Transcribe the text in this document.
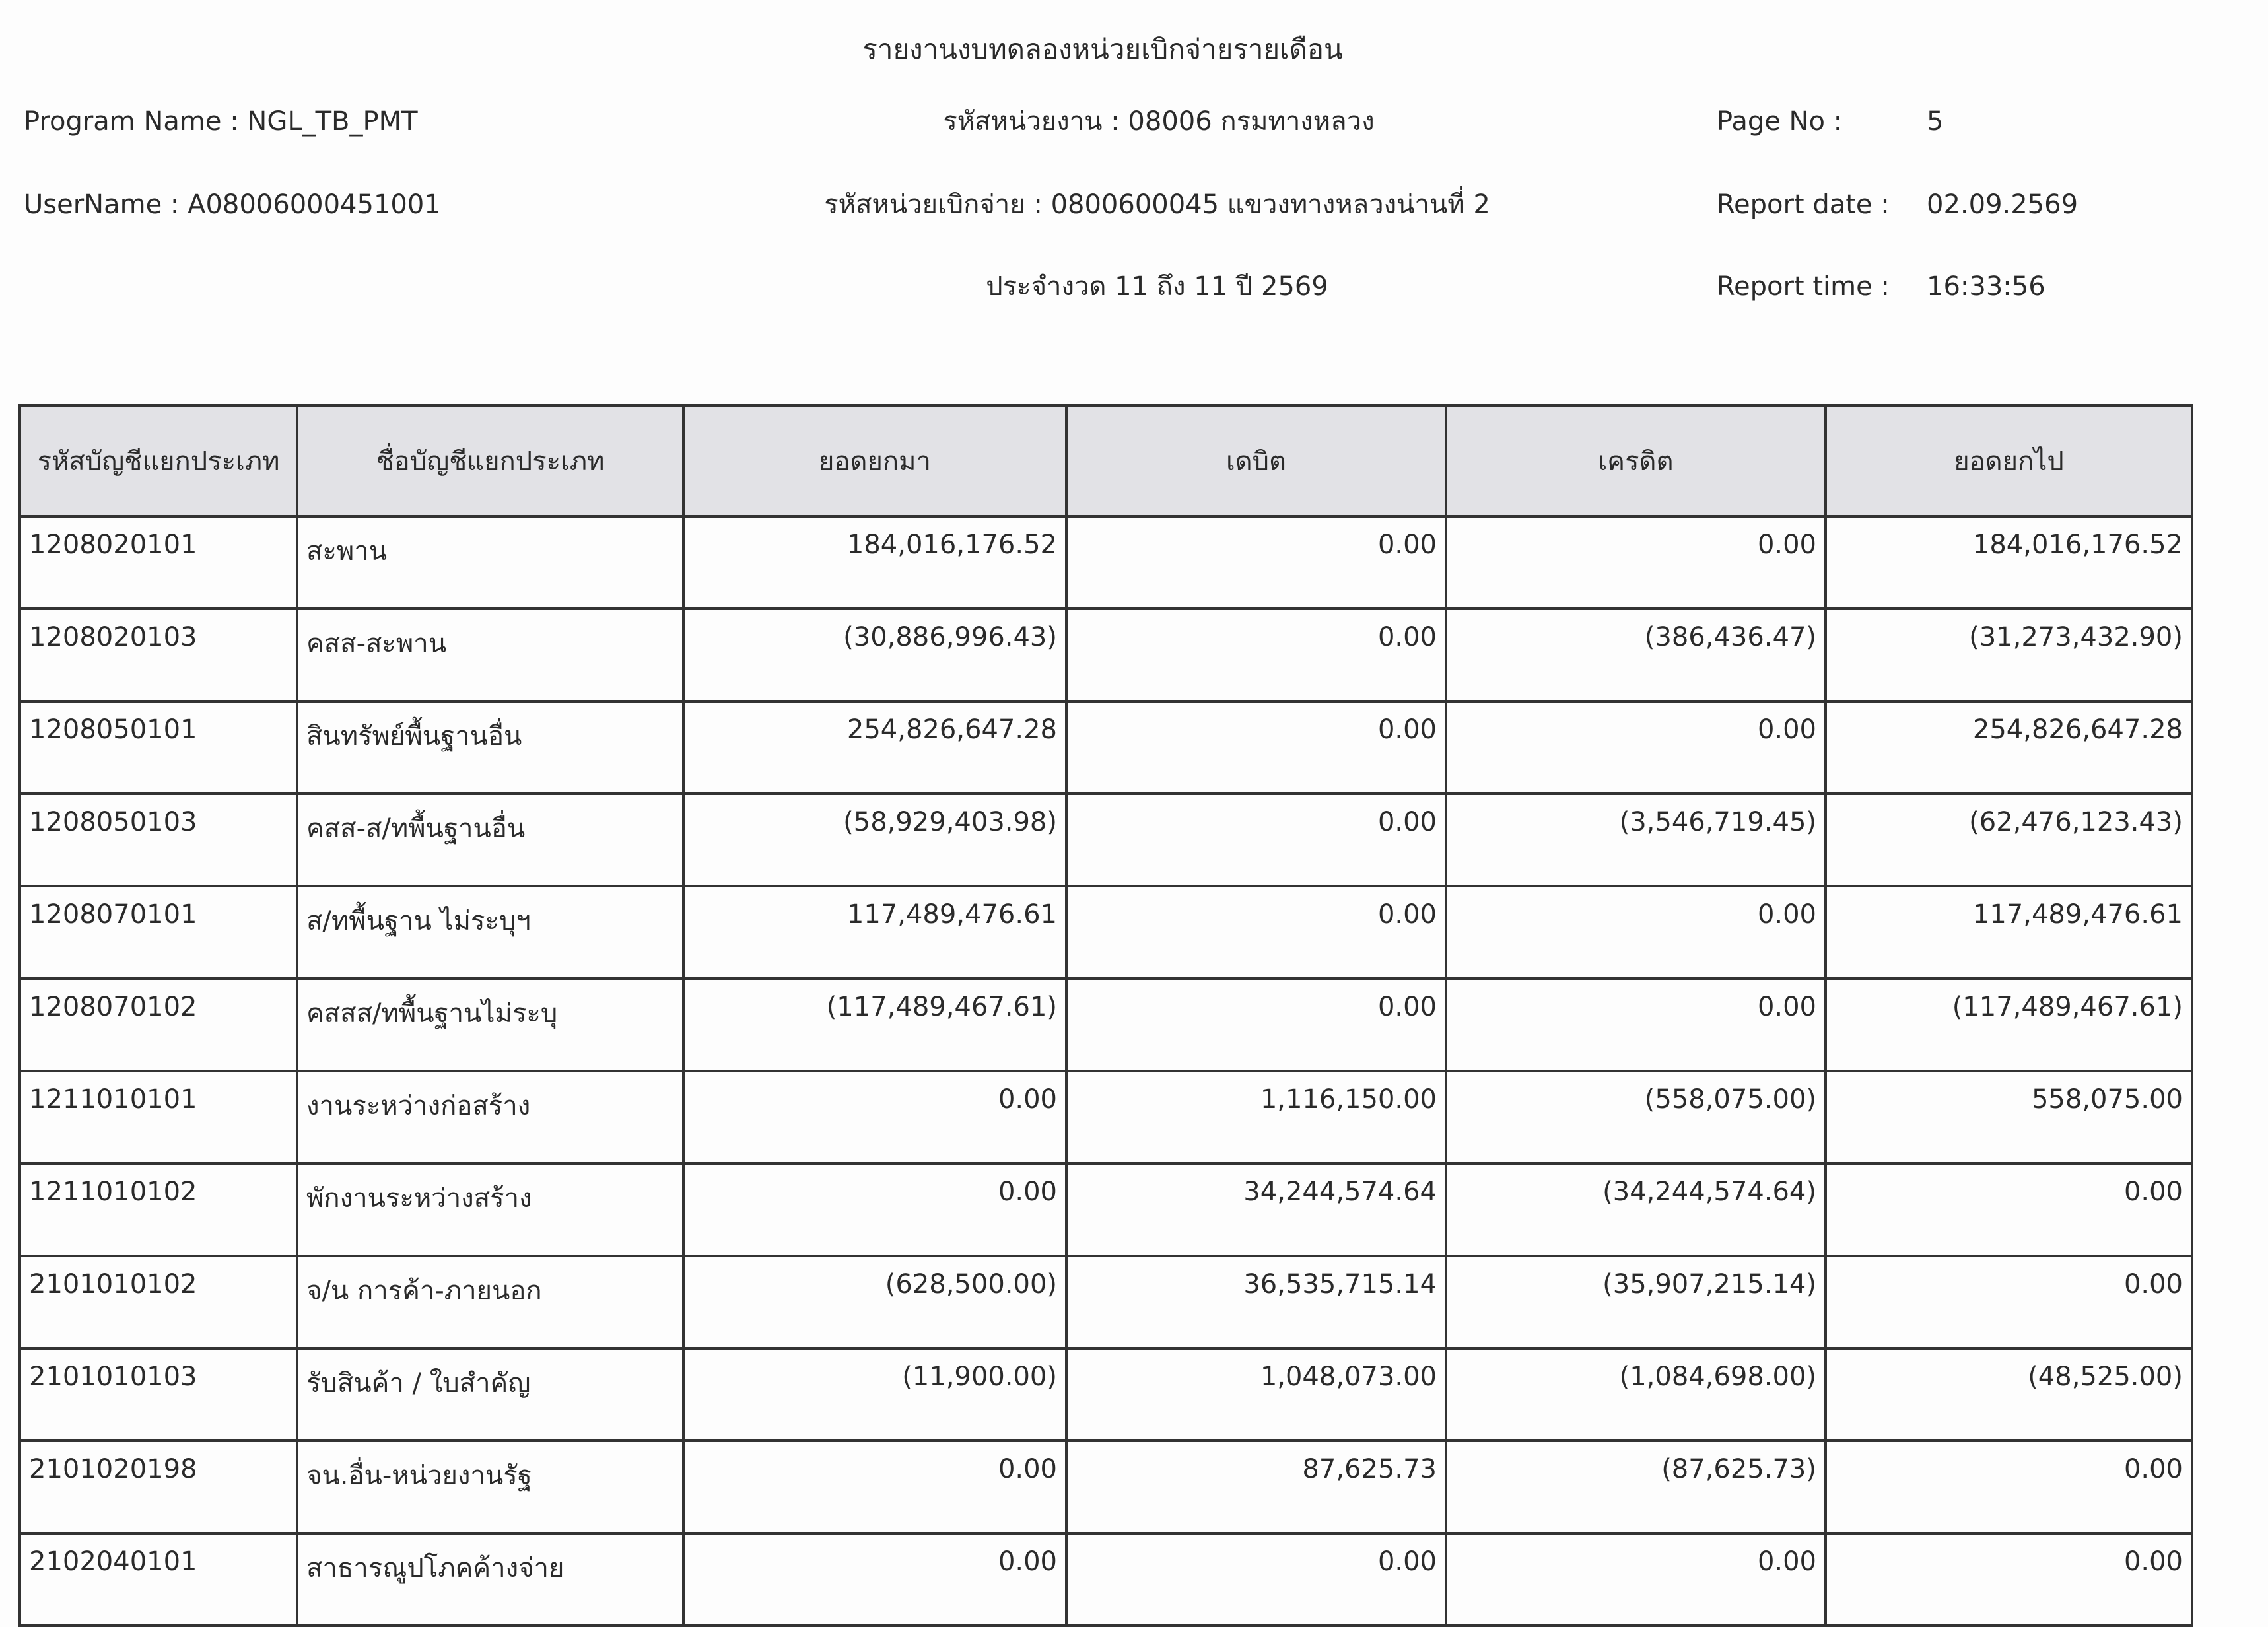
รายงานงบทดลองหน่วยเบิกจ่ายรายเดือน
Program Name : NGL_TB_PMT
UserName : A08006000451001
รหัสหน่วยงาน : 08006 กรมทางหลวง
รหัสหน่วยเบิกจ่าย : 0800600045 แขวงทางหลวงน่านที่ 2
ประจำงวด 11 ถึง 11 ปี 2569
Page No :	5
Report date : 02.09.2569
Report time : 16:33:56
รหัสบัญชีแยกประเภท	ชื่อบัญชีแยกประเภท	ยอดยกมา	เดบิต	เครดิต	ยอดยกไป
1208020101	สะพาน	184,016,176.52	0.00	0.00	184,016,176.52
1208020103	คสส-สะพาน	(30,886,996.43)	0.00	(386,436.47)	(31,273,432.90)
1208050101	สินทรัพย์พื้นฐานอื่น	254,826,647.28	0.00	0.00	254,826,647.28
1208050103	คสส-ส/ทพื้นฐานอื่น	(58,929,403.98)	0.00	(3,546,719.45)	(62,476,123.43)
1208070101	ส/ทพื้นฐาน ไม่ระบุฯ	117,489,476.61	0.00	0.00	117,489,476.61
1208070102	คสสส/ทพื้นฐานไม่ระบุ	(117,489,467.61)	0.00	0.00	(117,489,467.61)
1211010101	งานระหว่างก่อสร้าง	0.00	1,116,150.00	(558,075.00)	558,075.00
1211010102	พักงานระหว่างสร้าง	0.00	34,244,574.64	(34,244,574.64)	0.00
2101010102	จ/น การค้า-ภายนอก	(628,500.00)	36,535,715.14	(35,907,215.14)	0.00
2101010103	รับสินค้า / ใบสำคัญ	(11,900.00)	1,048,073.00	(1,084,698.00)	(48,525.00)
2101020198	จน.อื่น-หน่วยงานรัฐ	0.00	87,625.73	(87,625.73)	0.00
2102040101	สาธารณูปโภคค้างจ่าย	0.00	0.00	0.00	0.00
